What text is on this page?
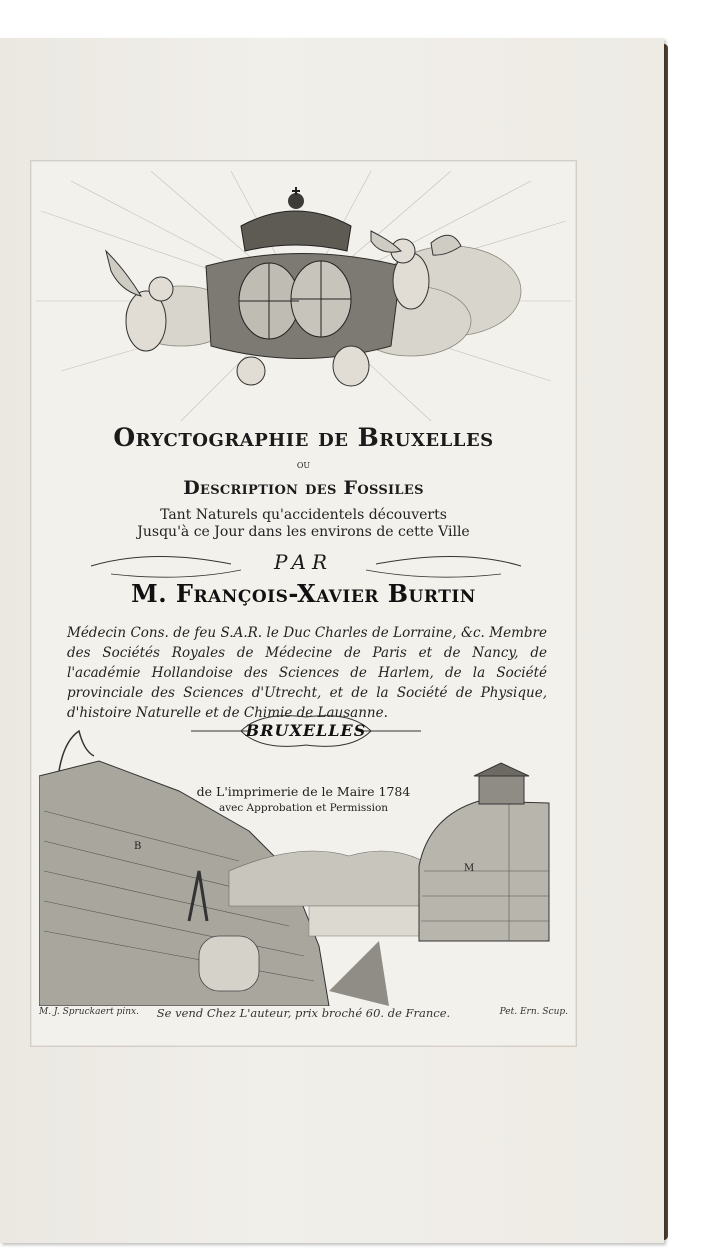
Oryctographie de Bruxelles
ou
Description des Fossiles
Tant Naturels qu'accidentels découverts
Jusqu'à ce Jour dans les environs de cette Ville
PAR
M. François-Xavier Burtin
Médecin Cons. de feu S.A.R. le Duc Charles de Lorraine, &c. Membre des Sociétés Royales de Médecine de Paris et de Nancy, de l'académie Hollandoise des Sciences de Harlem, de la Société provinciale des Sciences d'Utrecht, et de la Société de Physique, d'histoire Naturelle et de Chimie de Lausanne.
B
M
BRUXELLES
de L'imprimerie de le Maire 1784
avec Approbation et Permission
M. J. Spruckaert pinx.	Se vend Chez L'auteur, prix broché 60. de France.	Pet. Ern. Scup.
